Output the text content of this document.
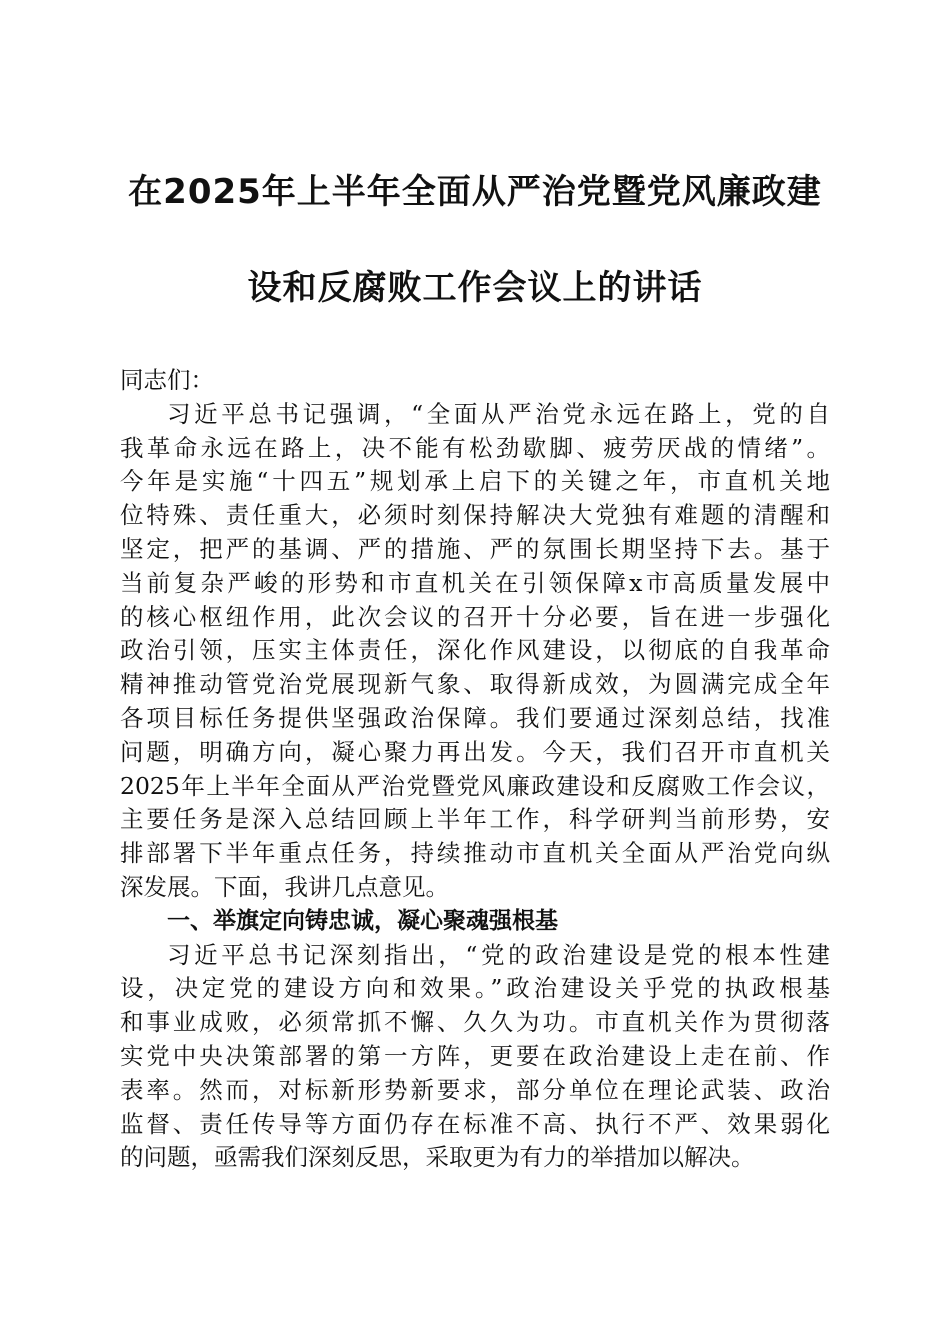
在2025年上半年全面从严治党暨党风廉政建
设和反腐败工作会议上的讲话
同志们：
习近平总书记强调，“全面从严治党永远在路上，党的自
我革命永远在路上，决不能有松劲歇脚、疲劳厌战的情绪”。
今年是实施“十四五”规划承上启下的关键之年，市直机关地
位特殊、责任重大，必须时刻保持解决大党独有难题的清醒和
坚定，把严的基调、严的措施、严的氛围长期坚持下去。基于
当前复杂严峻的形势和市直机关在引领保障x市高质量发展中
的核心枢纽作用，此次会议的召开十分必要，旨在进一步强化
政治引领，压实主体责任，深化作风建设，以彻底的自我革命
精神推动管党治党展现新气象、取得新成效，为圆满完成全年
各项目标任务提供坚强政治保障。我们要通过深刻总结，找准
问题，明确方向，凝心聚力再出发。今天，我们召开市直机关
2025年上半年全面从严治党暨党风廉政建设和反腐败工作会议，
主要任务是深入总结回顾上半年工作，科学研判当前形势，安
排部署下半年重点任务，持续推动市直机关全面从严治党向纵
深发展。下面，我讲几点意见。
一、举旗定向铸忠诚，凝心聚魂强根基
习近平总书记深刻指出，“党的政治建设是党的根本性建
设，决定党的建设方向和效果。”政治建设关乎党的执政根基
和事业成败，必须常抓不懈、久久为功。市直机关作为贯彻落
实党中央决策部署的第一方阵，更要在政治建设上走在前、作
表率。然而，对标新形势新要求，部分单位在理论武装、政治
监督、责任传导等方面仍存在标准不高、执行不严、效果弱化
的问题，亟需我们深刻反思，采取更为有力的举措加以解决。
